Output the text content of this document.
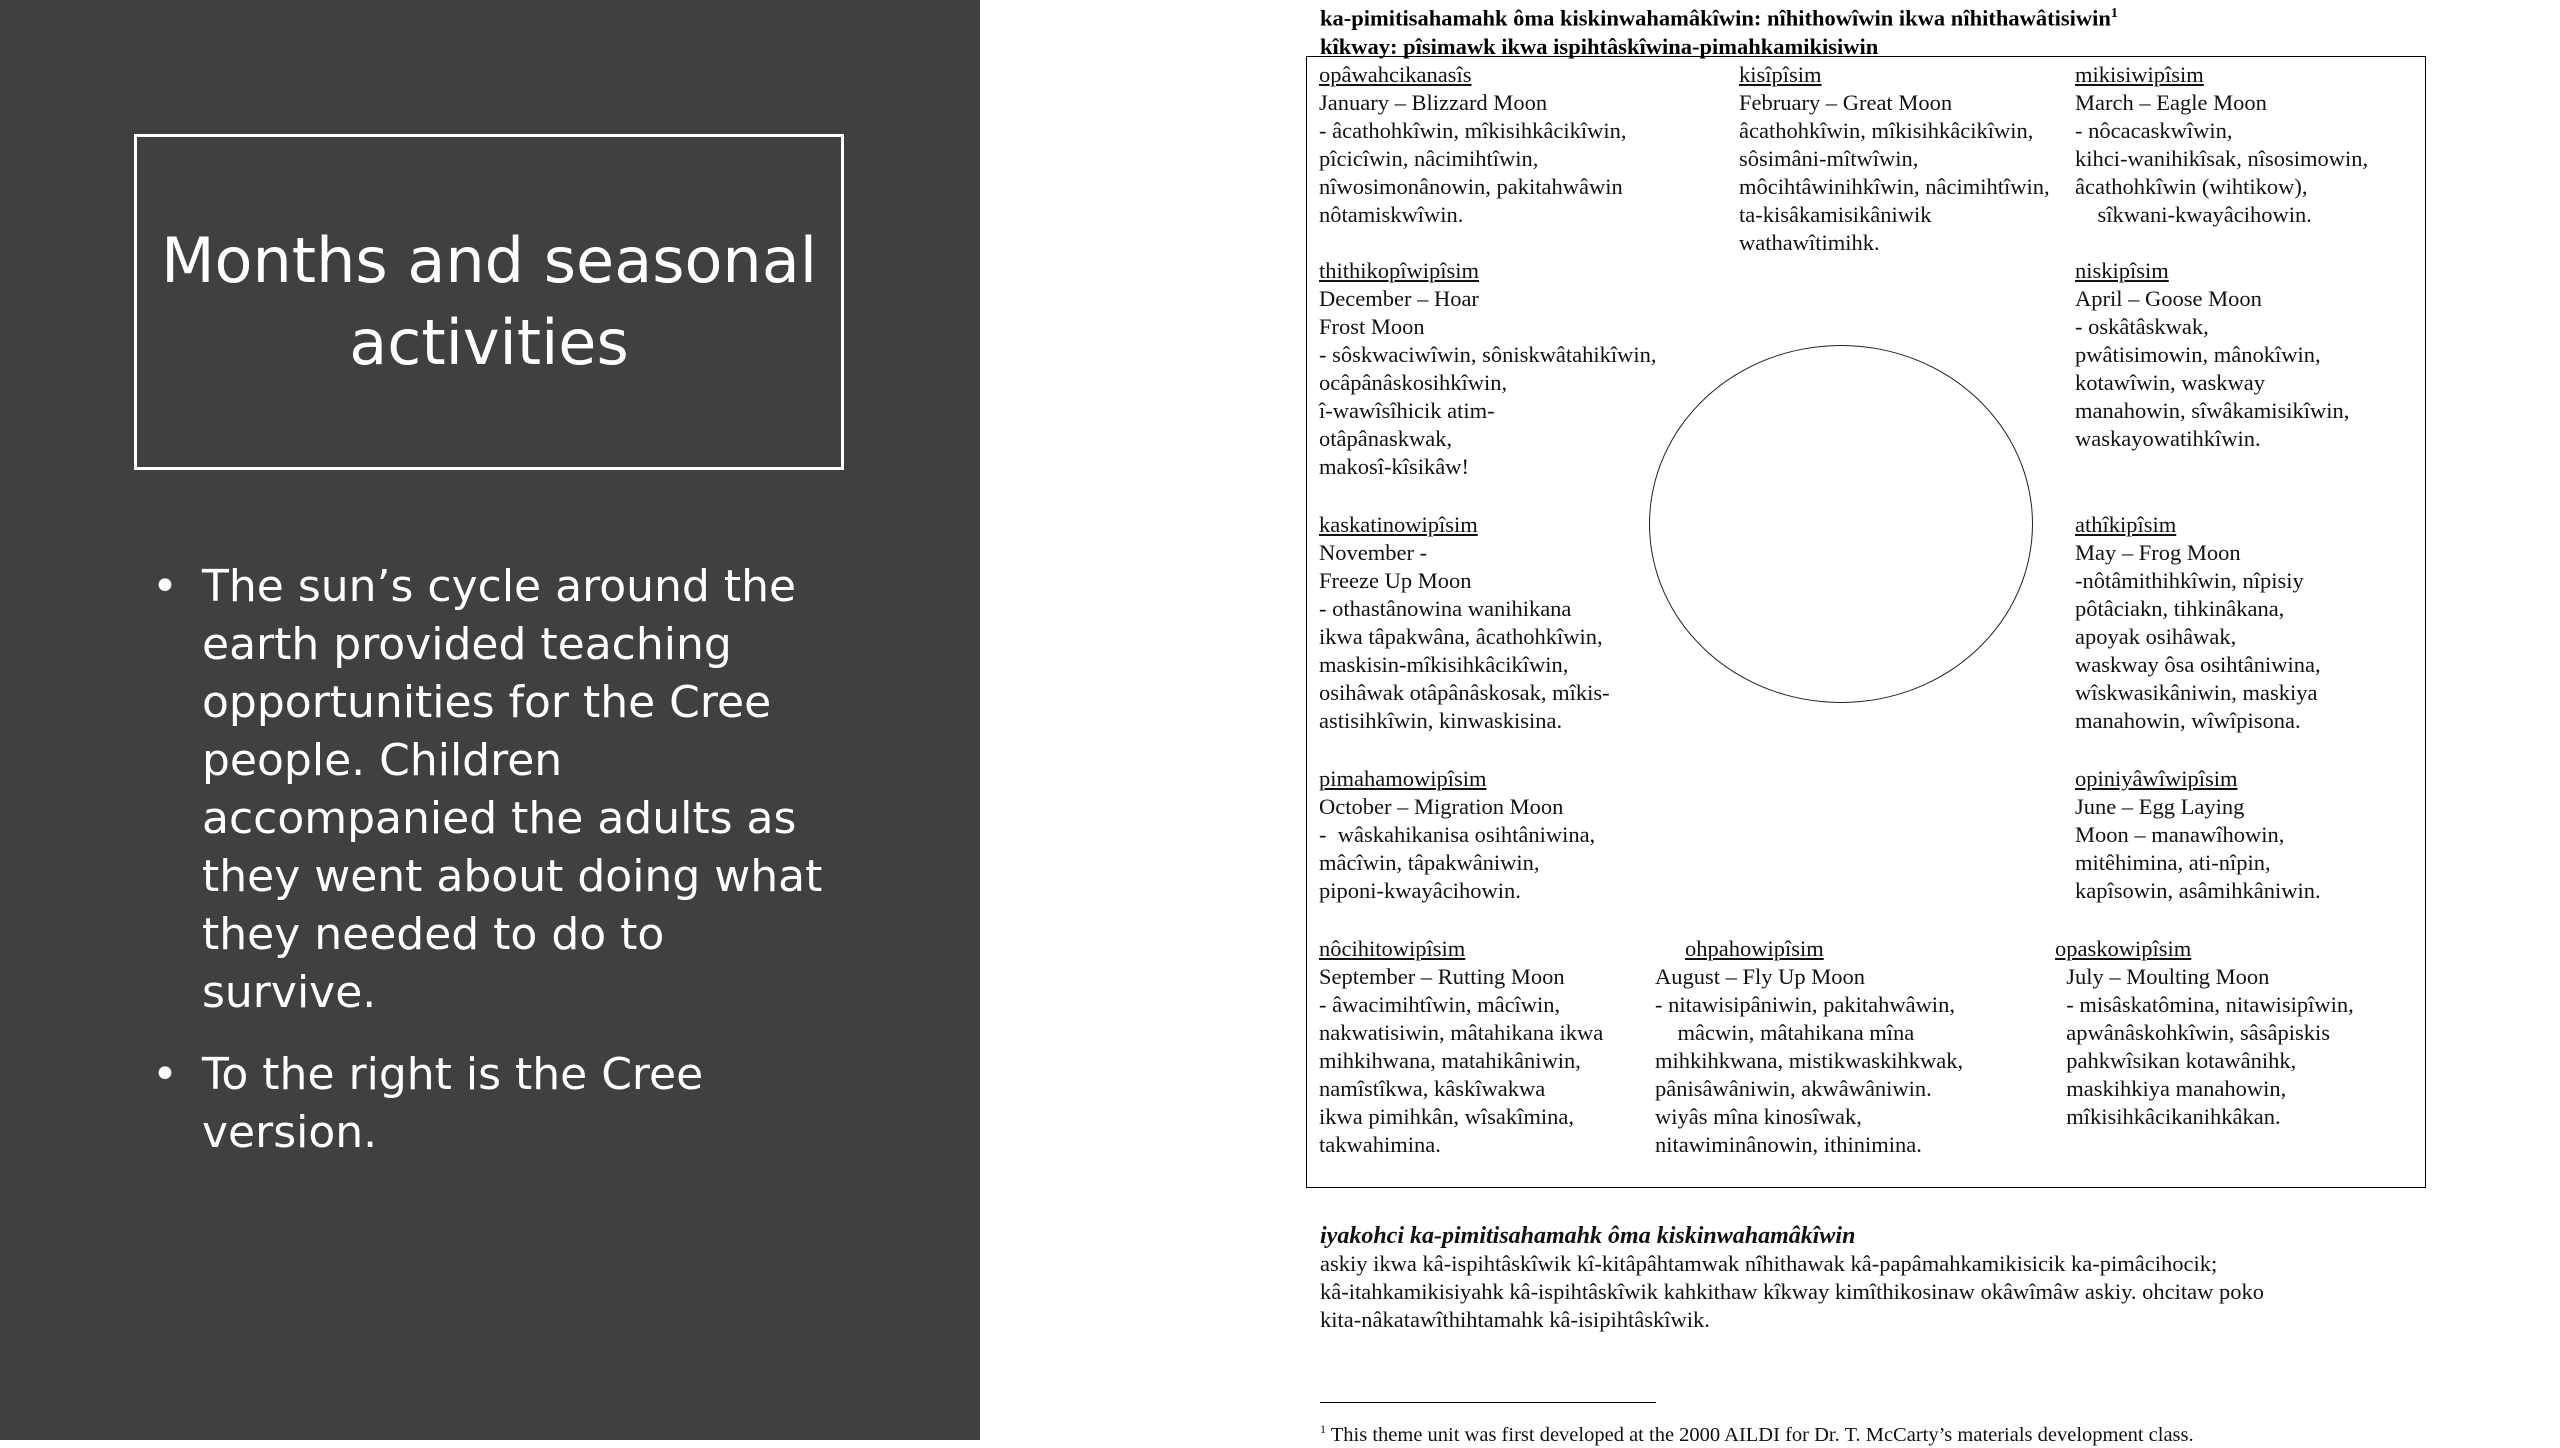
Months and seasonal activities
• The sun’s cycle around the earth provided teaching opportunities for the Cree people. Children accompanied the adults as they went about doing what they needed to do to survive.
• To the right is the Cree version.
ka-pimitisahamahk ôma kiskinwahamâkîwin: nîhithowîwin ikwa nîhithawâtisiwin$^1$
kîkway: pîsimawk ikwa ispihtâskîwina-pimahkamikisiwin
opâwahcikanasîs
January – Blizzard Moon
- âcathohkîwin, mîkisihkâcikîwin,
pîcicîwin, nâcimihtîwin,
nîwosimonânowin, pakitahwâwin
nôtamiskwîwin.
kisîpîsim
February – Great Moon
âcathohkîwin, mîkisihkâcikîwin,
sôsimâni-mîtwîwin,
môcihtâwinihkîwin, nâcimihtîwin,
ta-kisâkamisikâniwik
wathawîtimihk.
mikisiwipîsim
March – Eagle Moon
- nôcacaskwîwin,
kihci-wanihikîsak, nîsosimowin,
âcathohkîwin (wihtikow),
sîkwani-kwayâcihowin.
thithikopîwipîsim
December – Hoar
Frost Moon
- sôskwaciwîwin, sôniskwâtahikîwin,
ocâpânâskosihkîwin,
î-wawîsîhicik atim-
otâpânaskwak,
makosî-kîsikâw!
niskipîsim
April – Goose Moon
- oskâtâskwak,
pwâtisimowin, mânokîwin,
kotawîwin, waskway
manahowin, sîwâkamisikîwin,
waskayowatihkîwin.
kaskatinowipîsim
November -
Freeze Up Moon
- othastânowina wanihikana
ikwa tâpakwâna, âcathohkîwin,
maskisin-mîkisihkâcikîwin,
osihâwak otâpânâskosak, mîkis-
astisihkîwin, kinwaskisina.
athîkipîsim
May – Frog Moon
-nôtâmithihkîwin, nîpisiy
pôtâciakn, tihkinâkana,
apoyak osihâwak,
waskway ôsa osihtâniwina,
wîskwasikâniwin, maskiya
manahowin, wîwîpisona.
pimahamowipîsim
October – Migration Moon
-  wâskahikanisa osihtâniwina,
mâcîwin, tâpakwâniwin,
piponi-kwayâcihowin.
opiniyâwîwipîsim
June – Egg Laying
Moon – manawîhowin,
mitêhimina, ati-nîpin,
kapîsowin, asâmihkâniwin.
nôcihitowipîsim
September – Rutting Moon
- âwacimihtîwin, mâcîwin,
nakwatisiwin, mâtahikana ikwa
mihkihwana, matahikâniwin,
namîstîkwa, kâskîwakwa
ikwa pimihkân, wîsakîmina,
takwahimina.
ohpahowipîsim
August – Fly Up Moon
- nitawisipâniwin, pakitahwâwin,
mâcwin, mâtahikana mîna
mihkihkwana, mistikwaskihkwak,
pânisâwâniwin, akwâwâniwin.
wiyâs mîna kinosîwak,
nitawiminânowin, ithinimina.
opaskowipîsim
July – Moulting Moon
- misâskatômina, nitawisipîwin,
apwânâskohkîwin, sâsâpiskis
pahkwîsikan kotawânihk,
maskihkiya manahowin,
mîkisihkâcikanihkâkan.
iyakohci ka-pimitisahamahk ôma kiskinwahamâkîwin
askiy ikwa kâ-ispihtâskîwik kî-kitâpâhtamwak nîhithawak kâ-papâmahkamikisicik ka-pimâcihocik;
kâ-itahkamikisiyahk kâ-ispihtâskîwik kahkithaw kîkway kimîthikosinaw okâwîmâw askiy. ohcitaw poko
kita-nâkatawîthihtamahk kâ-isipihtâskîwik.
$^1$ This theme unit was first developed at the 2000 AILDI for Dr. T. McCarty’s materials development class.
